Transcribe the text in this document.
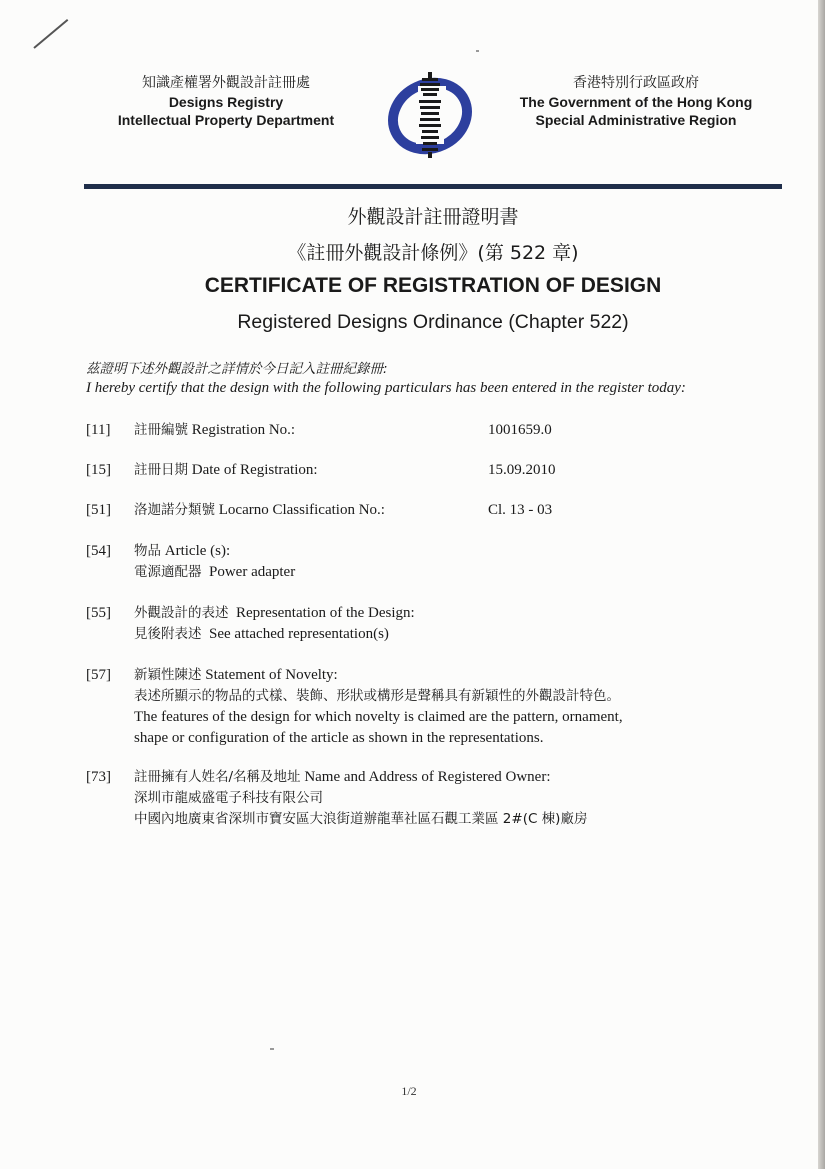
知識產權署外觀設計註冊處
Designs Registry
Intellectual Property Department
香港特別行政區政府
The Government of the Hong Kong
Special Administrative Region
外觀設計註冊證明書
《註冊外觀設計條例》(第 522 章)
CERTIFICATE OF REGISTRATION OF DESIGN
Registered Designs Ordinance (Chapter 522)
茲證明下述外觀設計之詳情於今日記入註冊紀錄冊:
I hereby certify that the design with the following particulars has been entered in the register today:
[11] 註冊編號 Registration No.:	1001659.0
[15] 註冊日期 Date of Registration:	15.09.2010
[51] 洛迦諾分類號 Locarno Classification No.:	Cl. 13 - 03
[54] 物品 Article (s):
電源適配器 Power adapter
[55] 外觀設計的表述 Representation of the Design:
見後附表述 See attached representation(s)
[57] 新穎性陳述 Statement of Novelty:
表述所顯示的物品的式樣、裝飾、形狀或構形是聲稱具有新穎性的外觀設計特色。
The features of the design for which novelty is claimed are the pattern, ornament,
shape or configuration of the article as shown in the representations.
[73] 註冊擁有人姓名/名稱及地址 Name and Address of Registered Owner:
深圳市龍威盛電子科技有限公司
中國內地廣東省深圳市寶安區大浪街道辦龍華社區石觀工業區 2#(C 棟)廠房
1/2
